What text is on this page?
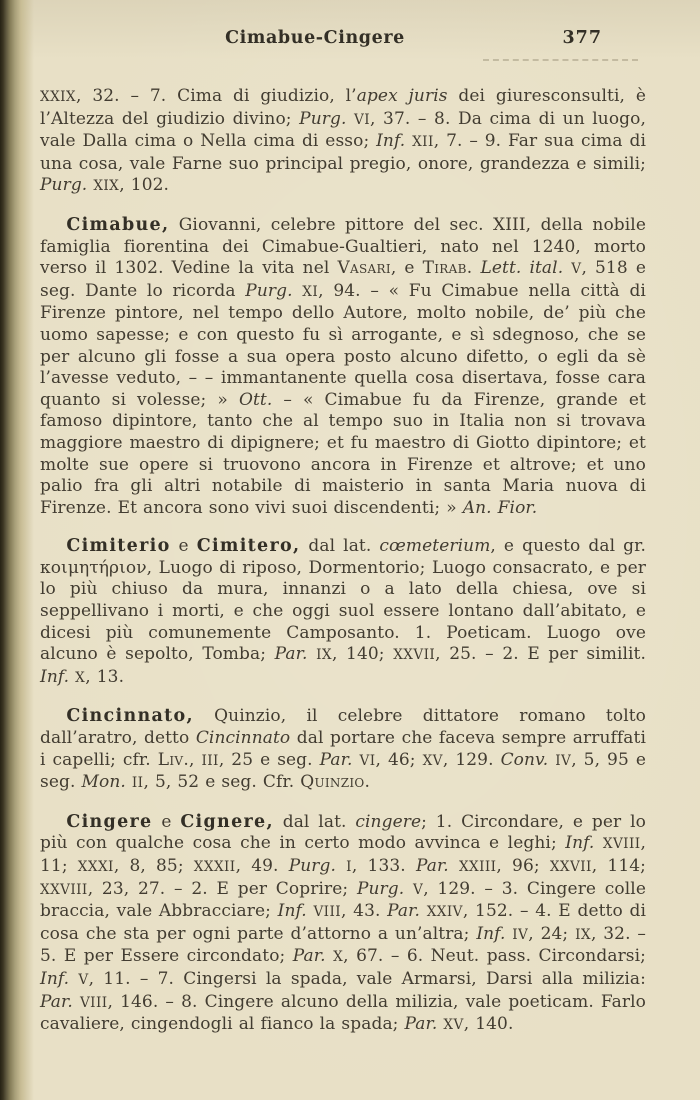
Cimabue-Cingere	377

XXIX, 32. – 7. Cima di giudizio, l’apex juris dei giuresconsulti, è l’Altezza del giudizio divino; Purg. VI, 37. – 8. Da cima di un luogo, vale Dalla cima o Nella cima di esso; Inf. XII, 7. – 9. Far sua cima di una cosa, vale Farne suo principal pregio, onore, grandezza e simili; Purg. XIX, 102.

Cimabue, Giovanni, celebre pittore del sec. XIII, della nobile famiglia fiorentina dei Cimabue-Gualtieri, nato nel 1240, morto verso il 1302. Vedine la vita nel Vasari, e Tirab. Lett. ital. V, 518 e seg. Dante lo ricorda Purg. XI, 94. – « Fu Cimabue nella città di Firenze pintore, nel tempo dello Autore, molto nobile, de’ più che uomo sapesse; e con questo fu sì arrogante, e sì sdegnoso, che se per alcuno gli fosse a sua opera posto alcuno difetto, o egli da sè l’avesse veduto, – – immantanente quella cosa disertava, fosse cara quanto si volesse; » Ott. – « Cimabue fu da Firenze, grande et famoso dipintore, tanto che al tempo suo in Italia non si trovava maggiore maestro di dipignere; et fu maestro di Giotto dipintore; et molte sue opere si truovono ancora in Firenze et altrove; et uno palio fra gli altri notabile di maisterio in santa Maria nuova di Firenze. Et ancora sono vivi suoi discendenti; » An. Fior.

Cimiterio e Cimitero, dal lat. cœmeterium, e questo dal gr. κοιμητήριον, Luogo di riposo, Dormentorio; Luogo consacrato, e per lo più chiuso da mura, innanzi o a lato della chiesa, ove si seppellivano i morti, e che oggi suol essere lontano dall’abitato, e dicesi più comunemente Camposanto. 1. Poeticam. Luogo ove alcuno è sepolto, Tomba; Par. IX, 140; XXVII, 25. – 2. E per similit. Inf. X, 13.

Cincinnato, Quinzio, il celebre dittatore romano tolto dall’aratro, detto Cincinnato dal portare che faceva sempre arruffati i capelli; cfr. Liv., III, 25 e seg. Par. VI, 46; XV, 129. Conv. IV, 5, 95 e seg. Mon. II, 5, 52 e seg. Cfr. Quinzio.

Cingere e Cignere, dal lat. cingere; 1. Circondare, e per lo più con qualche cosa che in certo modo avvinca e leghi; Inf. XVIII, 11; XXXI, 8, 85; XXXII, 49. Purg. I, 133. Par. XXIII, 96; XXVII, 114; XXVIII, 23, 27. – 2. E per Coprire; Purg. V, 129. – 3. Cingere colle braccia, vale Abbracciare; Inf. VIII, 43. Par. XXIV, 152. – 4. E detto di cosa che sta per ogni parte d’attorno a un’altra; Inf. IV, 24; IX, 32. – 5. E per Essere circondato; Par. X, 67. – 6. Neut. pass. Circondarsi; Inf. V, 11. – 7. Cingersi la spada, vale Armarsi, Darsi alla milizia: Par. VIII, 146. – 8. Cingere alcuno della milizia, vale poeticam. Farlo cavaliere, cingendogli al fianco la spada; Par. XV, 140.
